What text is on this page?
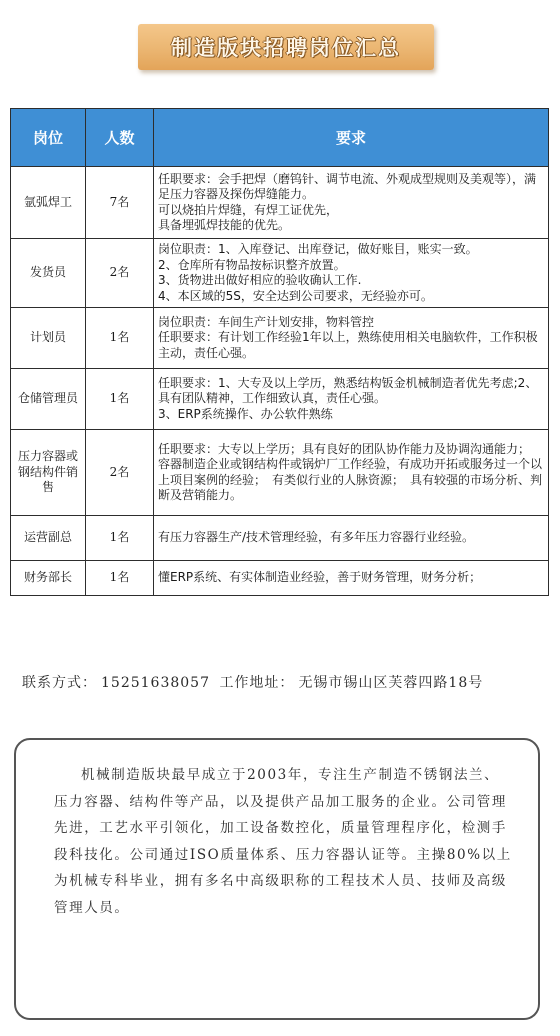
制造版块招聘岗位汇总
岗位	人数	要求
氩弧焊工	7名	任职要求：会手把焊（磨钨针、调节电流、外观成型规则及美观等），满足压力容器及探伤焊缝能力。
可以烧拍片焊缝，有焊工证优先，
具备埋弧焊技能的优先。

发货员	2名	岗位职责：1、入库登记、出库登记，做好账目，账实一致。
2、仓库所有物品按标识整齐放置。
3、货物进出做好相应的验收确认工作.
4、本区域的5S，安全达到公司要求，无经验亦可。

计划员	1名	岗位职责：车间生产计划安排，物料管控
任职要求：有计划工作经验1年以上，熟练使用相关电脑软件，工作积极主动，责任心强。

仓储管理员	1名	任职要求：1、大专及以上学历，熟悉结构钣金机械制造者优先考虑;2、具有团队精神，工作细致认真，责任心强。
3、ERP系统操作、办公软件熟练

压力容器或钢结构件销售	2名	任职要求：大专以上学历；具有良好的团队协作能力及协调沟通能力；　容器制造企业或钢结构件或锅炉厂工作经验，有成功开拓或服务过一个以上项目案例的经验；　有类似行业的人脉资源；　具有较强的市场分析、判断及营销能力。

运营副总	1名	有压力容器生产/技术管理经验，有多年压力容器行业经验。

财务部长	1名	懂ERP系统、有实体制造业经验，善于财务管理，财务分析；
联系方式： 15251638057 工作地址： 无锡市锡山区芙蓉四路18号

机械制造版块最早成立于2003年，专注生产制造不锈钢法兰、压力容器、结构件等产品，以及提供产品加工服务的企业。公司管理先进，工艺水平引领化，加工设备数控化，质量管理程序化，检测手段科技化。公司通过ISO质量体系、压力容器认证等。主操80%以上为机械专科毕业，拥有多名中高级职称的工程技术人员、技师及高级管理人员。
